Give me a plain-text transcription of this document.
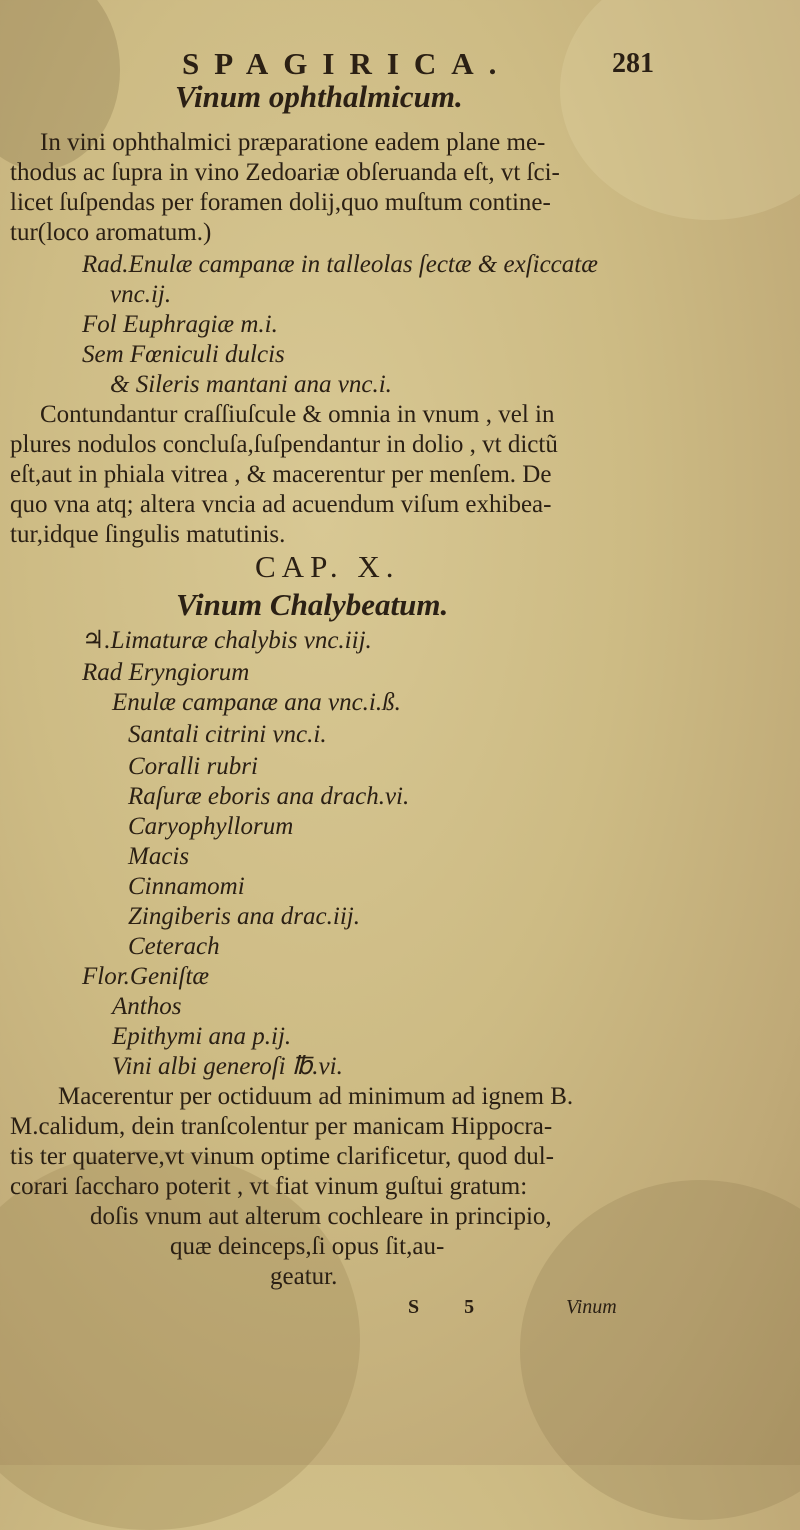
SPAGIRICA.	281
Vinum ophthalmicum.
In vini ophthalmici præparatione eadem plane me-
thodus ac ſupra in vino Zedoariæ obſeruanda eſt, vt ſci-
licet ſuſpendas per foramen dolij,quo muſtum contine-
tur(loco aromatum.)
Rad.Enulæ campanæ in talleolas ſectæ & exſiccatæ
vnc.ij.
Fol Euphragiæ m.i.
Sem Fœniculi dulcis
& Sileris mantani ana vnc.i.
Contundantur craſſiuſcule & omnia in vnum , vel in
plures nodulos concluſa,ſuſpendantur in dolio , vt dictũ
eſt,aut in phiala vitrea , & macerentur per menſem. De
quo vna atq; altera vncia ad acuendum viſum exhibea-
tur,idque ſingulis matutinis.
CAP. X.
Vinum Chalybeatum.
♃.Limaturæ chalybis vnc.iij.
Rad Eryngiorum
Enulæ campanæ ana vnc.i.ß.
Santali citrini vnc.i.
Coralli rubri
Raſuræ eboris ana drach.vi.
Caryophyllorum
Macis
Cinnamomi
Zingiberis ana drac.iij.
Ceterach
Flor.Geniſtæ
Anthos
Epithymi ana p.ij.
Vini albi generoſi ℔.vi.
Macerentur per octiduum ad minimum ad ignem B.
M.calidum, dein tranſcolentur per manicam Hippocra-
tis ter quaterve,vt vinum optime clarificetur, quod dul-
corari ſaccharo poterit , vt fiat vinum guſtui gratum:
doſis vnum aut alterum cochleare in principio,
quæ deinceps,ſi opus ſit,au-
geatur.
S 5	Vinum
